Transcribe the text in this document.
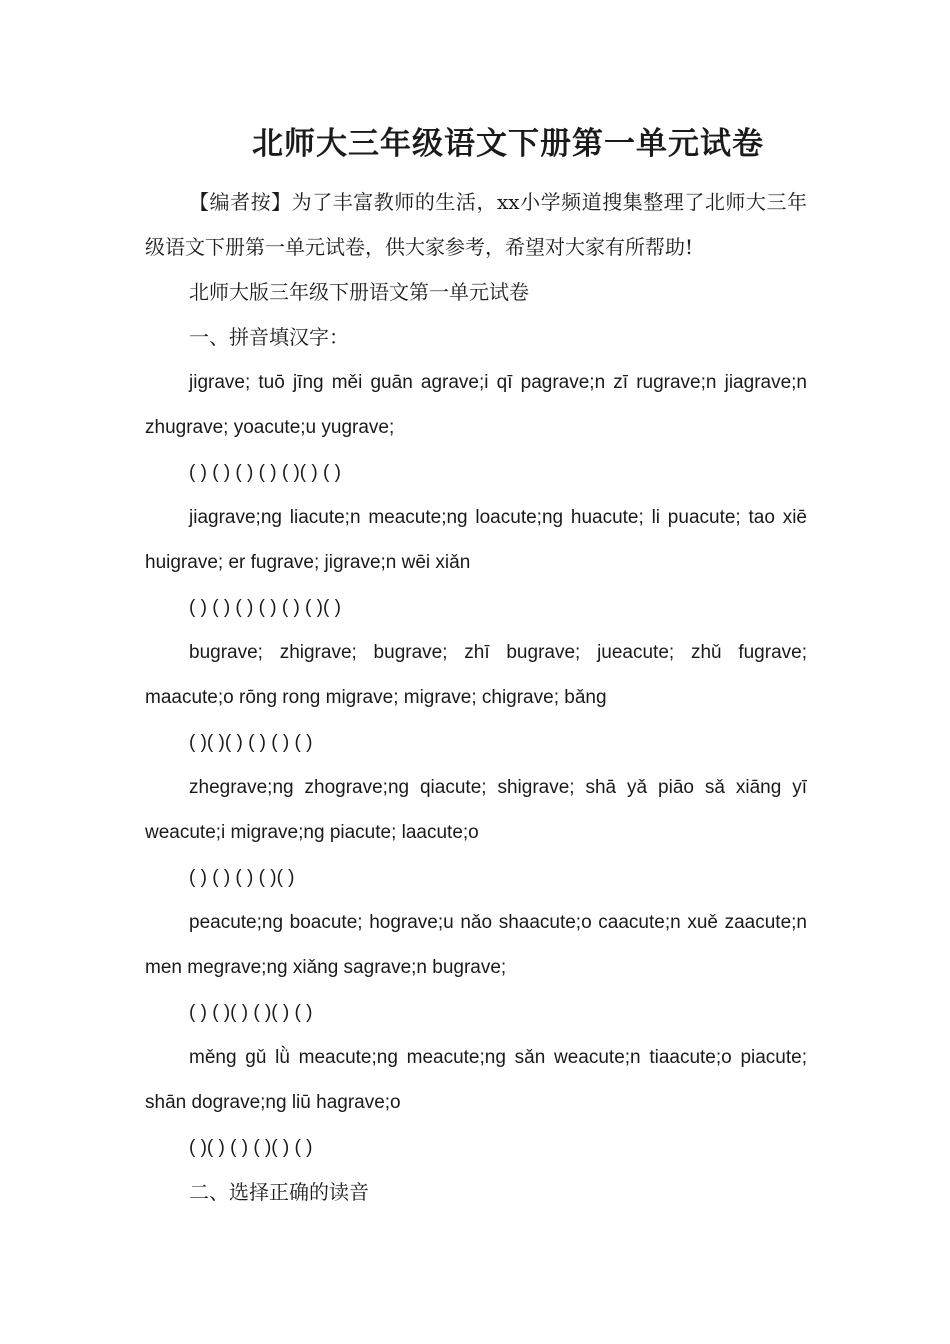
北师大三年级语文下册第一单元试卷

【编者按】为了丰富教师的生活，xx小学频道搜集整理了北师大三年级语文下册第一单元试卷，供大家参考，希望对大家有所帮助!

北师大版三年级下册语文第一单元试卷

一、拼音填汉字：

jigrave; tuō jīng měi guān agrave;i qī pagrave;n zī rugrave;n jiagrave;n zhugrave; yoacute;u yugrave;

( ) ( ) ( ) ( ) ( )( ) ( )

jiagrave;ng liacute;n meacute;ng loacute;ng huacute; li puacute; tao xiē huigrave; er fugrave; jigrave;n wēi xiǎn

( ) ( ) ( ) ( ) ( ) ( )( )

bugrave; zhigrave; bugrave; zhī bugrave; jueacute; zhǔ fugrave; maacute;o rōng rong migrave; migrave; chigrave; bǎng

( )( )( ) ( ) ( ) ( )

zhegrave;ng zhograve;ng qiacute; shigrave; shā yǎ piāo sǎ xiāng yī weacute;i migrave;ng piacute; laacute;o

( ) ( ) ( ) ( )( )

peacute;ng boacute; hograve;u nǎo shaacute;o caacute;n xuě zaacute;n men megrave;ng xiǎng sagrave;n bugrave;

( ) ( )( ) ( )( ) ( )

měng gǔ lǜ meacute;ng meacute;ng sǎn weacute;n tiaacute;o piacute; shān dograve;ng liū hagrave;o

( )( ) ( ) ( )( ) ( )

二、选择正确的读音
